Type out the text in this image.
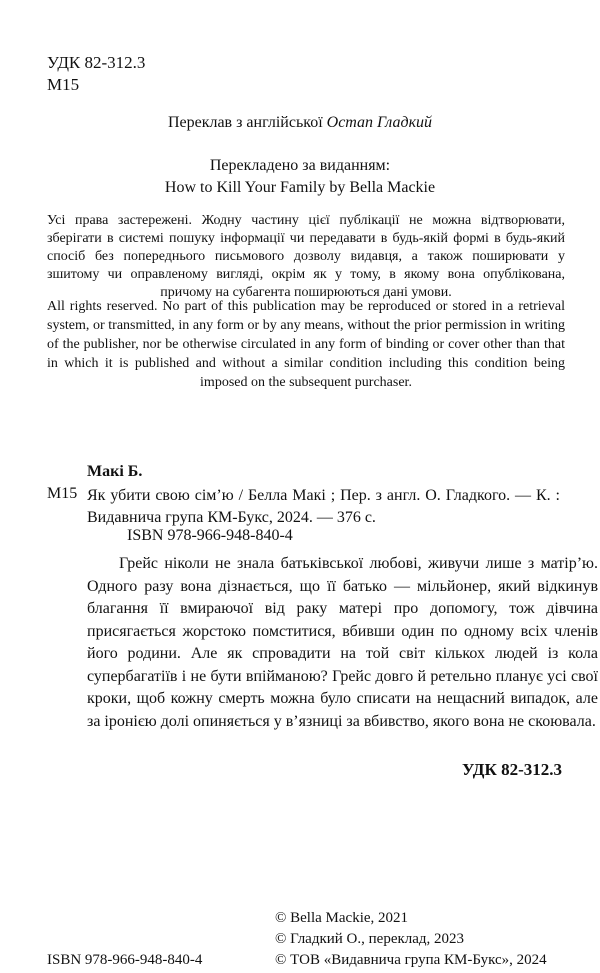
УДК 82-312.3
М15
Переклав з англійської Остап Гладкий
Перекладено за виданням:
How to Kill Your Family by Bella Mackie
Усі права застережені. Жодну частину цієї публікації не можна відтворювати, зберігати в системі пошуку інформації чи передавати в будь-якій формі в будь-який спосіб без попереднього письмового дозволу видавця, а також поширювати у зшитому чи оправленому вигляді, окрім як у тому, в якому вона опублікована, причому на субагента поширюються дані умови.
All rights reserved. No part of this publication may be reproduced or stored in a retrieval system, or transmitted, in any form or by any means, without the prior permission in writing of the publisher, nor be otherwise circulated in any form of binding or cover other than that in which it is published and without a similar condition including this condition being imposed on the subsequent purchaser.
Макі Б.
М15 Як убити свою сім’ю / Белла Макі ; Пер. з англ. О. Гладкого. — К. : Видавнича група КМ-Букс, 2024. — 376 с.
ISBN 978-966-948-840-4
Грейс ніколи не знала батьківської любові, живучи лише з матір’ю. Одного разу вона дізнається, що її батько — мільйонер, який відкинув благання її вмираючої від раку матері про допомогу, тож дівчина присягається жорстоко помститися, вбивши один по одному всіх членів його родини. Але як спровадити на той світ кількох людей із кола супербагатіїв і не бути впійманою? Грейс довго й ретельно планує усі свої кроки, щоб кожну смерть можна було списати на нещасний випадок, але за іронією долі опиняється у в’язниці за вбивство, якого вона не скоювала.
УДК 82-312.3
© Bella Mackie, 2021
© Гладкий О., переклад, 2023
© ТОВ «Видавнича група КМ-Букс», 2024
ISBN 978-966-948-840-4
